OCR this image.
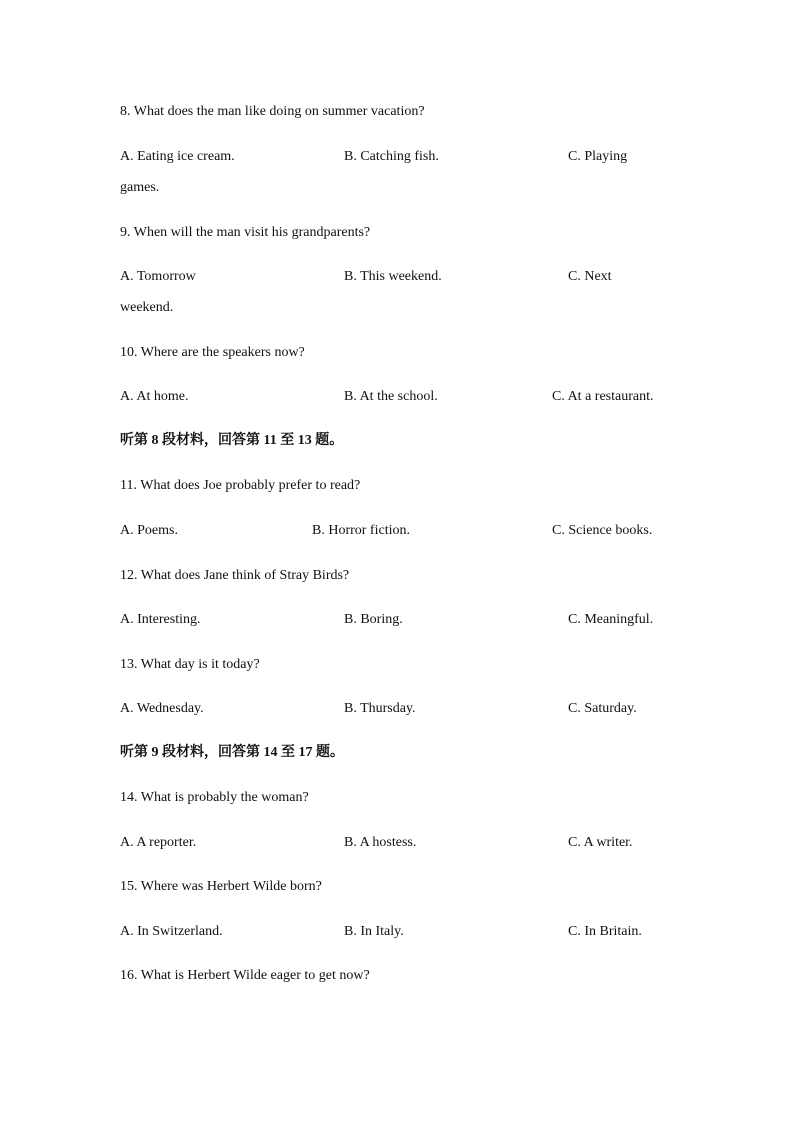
8. What does the man like doing on summer vacation?
A. Eating ice cream.	B. Catching fish.	C. Playing
games.
9. When will the man visit his grandparents?
A. Tomorrow	B. This weekend.	C. Next
weekend.
10. Where are the speakers now?
A. At home.	B. At the school.	C. At a restaurant.
听第 8 段材料，回答第 11 至 13 题。
11. What does Joe probably prefer to read?
A. Poems.	B. Horror fiction.	C. Science books.
12. What does Jane think of Stray Birds?
A. Interesting.	B. Boring.	C. Meaningful.
13. What day is it today?
A. Wednesday.	B. Thursday.	C. Saturday.
听第 9 段材料，回答第 14 至 17 题。
14. What is probably the woman?
A. A reporter.	B. A hostess.	C. A writer.
15. Where was Herbert Wilde born?
A. In Switzerland.	B. In Italy.	C. In Britain.
16. What is Herbert Wilde eager to get now?
